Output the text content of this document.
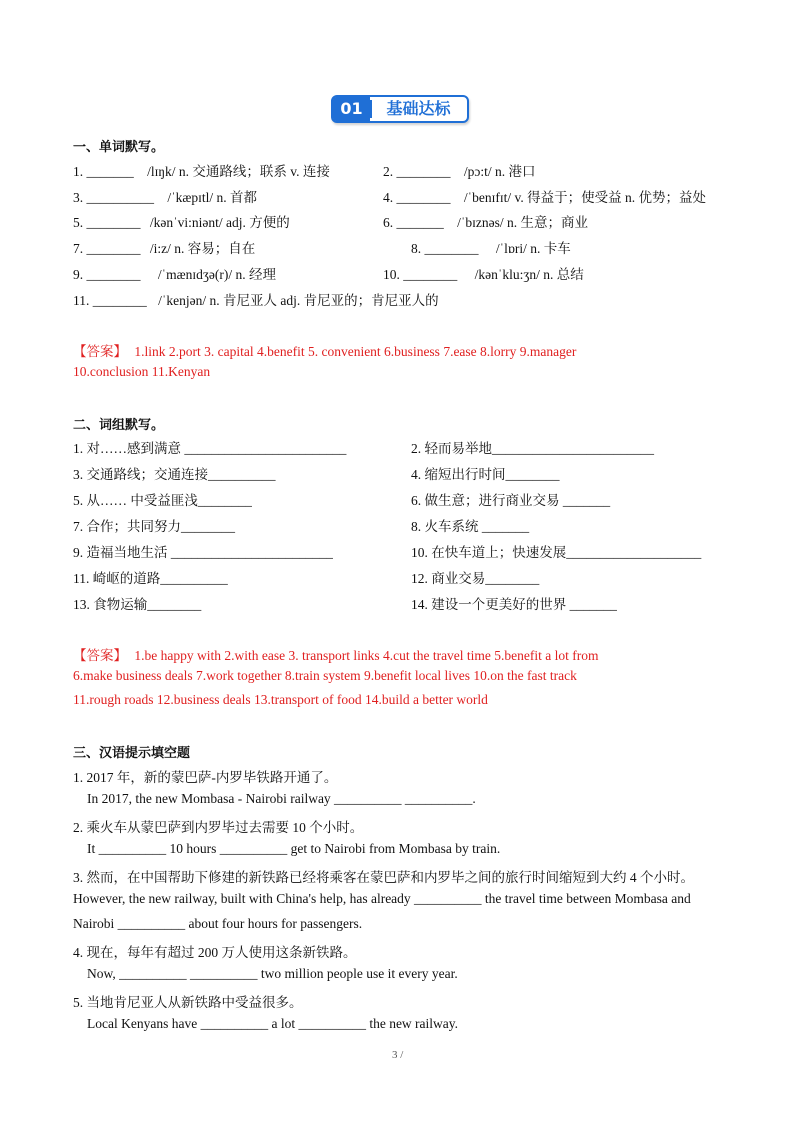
01	基础达标
一、单词默写。
1. _______ /lɪŋk/ n. 交通路线；联系 v. 连接	2. ________ /pɔ:t/ n. 港口
3. __________ /ˈkæpɪtl/ n. 首都	4. ________ /ˈbenɪfɪt/ v. 得益于；使受益 n. 优势；益处
5. ________ /kənˈvi:niənt/ adj. 方便的	6. _______ /ˈbɪznəs/ n. 生意；商业
7. ________ /i:z/ n. 容易；自在	8. ________ /ˈlɒri/ n. 卡车
9. ________ /ˈmænɪdʒə(r)/ n. 经理	10. ________ /kənˈklu:ʒn/ n. 总结
11. ________ /ˈkenjən/ n. 肯尼亚人 adj. 肯尼亚的；肯尼亚人的
【答案】 1.link 2.port 3. capital 4.benefit 5. convenient 6.business 7.ease 8.lorry 9.manager
10.conclusion 11.Kenyan
二、词组默写。
1. 对……感到满意 ________________________	2. 轻而易举地________________________
3. 交通路线；交通连接__________	4. 缩短出行时间________
5. 从…… 中受益匪浅________	6. 做生意；进行商业交易 _______
7. 合作；共同努力________	8. 火车系统 _______
9. 造福当地生活 ________________________	10. 在快车道上；快速发展____________________
11. 崎岖的道路__________	12. 商业交易________
13. 食物运输________	14. 建设一个更美好的世界 _______
【答案】 1.be happy with 2.with ease 3. transport links 4.cut the travel time 5.benefit a lot from
6.make business deals 7.work together 8.train system 9.benefit local lives 10.on the fast track
11.rough roads 12.business deals 13.transport of food 14.build a better world
三、汉语提示填空题
1. 2017 年，新的蒙巴萨-内罗毕铁路开通了。
In 2017, the new Mombasa - Nairobi railway __________ __________.
2. 乘火车从蒙巴萨到内罗毕过去需要 10 个小时。
It __________ 10 hours __________ get to Nairobi from Mombasa by train.
3. 然而，在中国帮助下修建的新铁路已经将乘客在蒙巴萨和内罗毕之间的旅行时间缩短到大约 4 个小时。
However, the new railway, built with China's help, has already __________ the travel time between Mombasa and
Nairobi __________ about four hours for passengers.
4. 现在，每年有超过 200 万人使用这条新铁路。
Now, __________ __________ two million people use it every year.
5. 当地肯尼亚人从新铁路中受益很多。
Local Kenyans have __________ a lot __________ the new railway.
3 /
